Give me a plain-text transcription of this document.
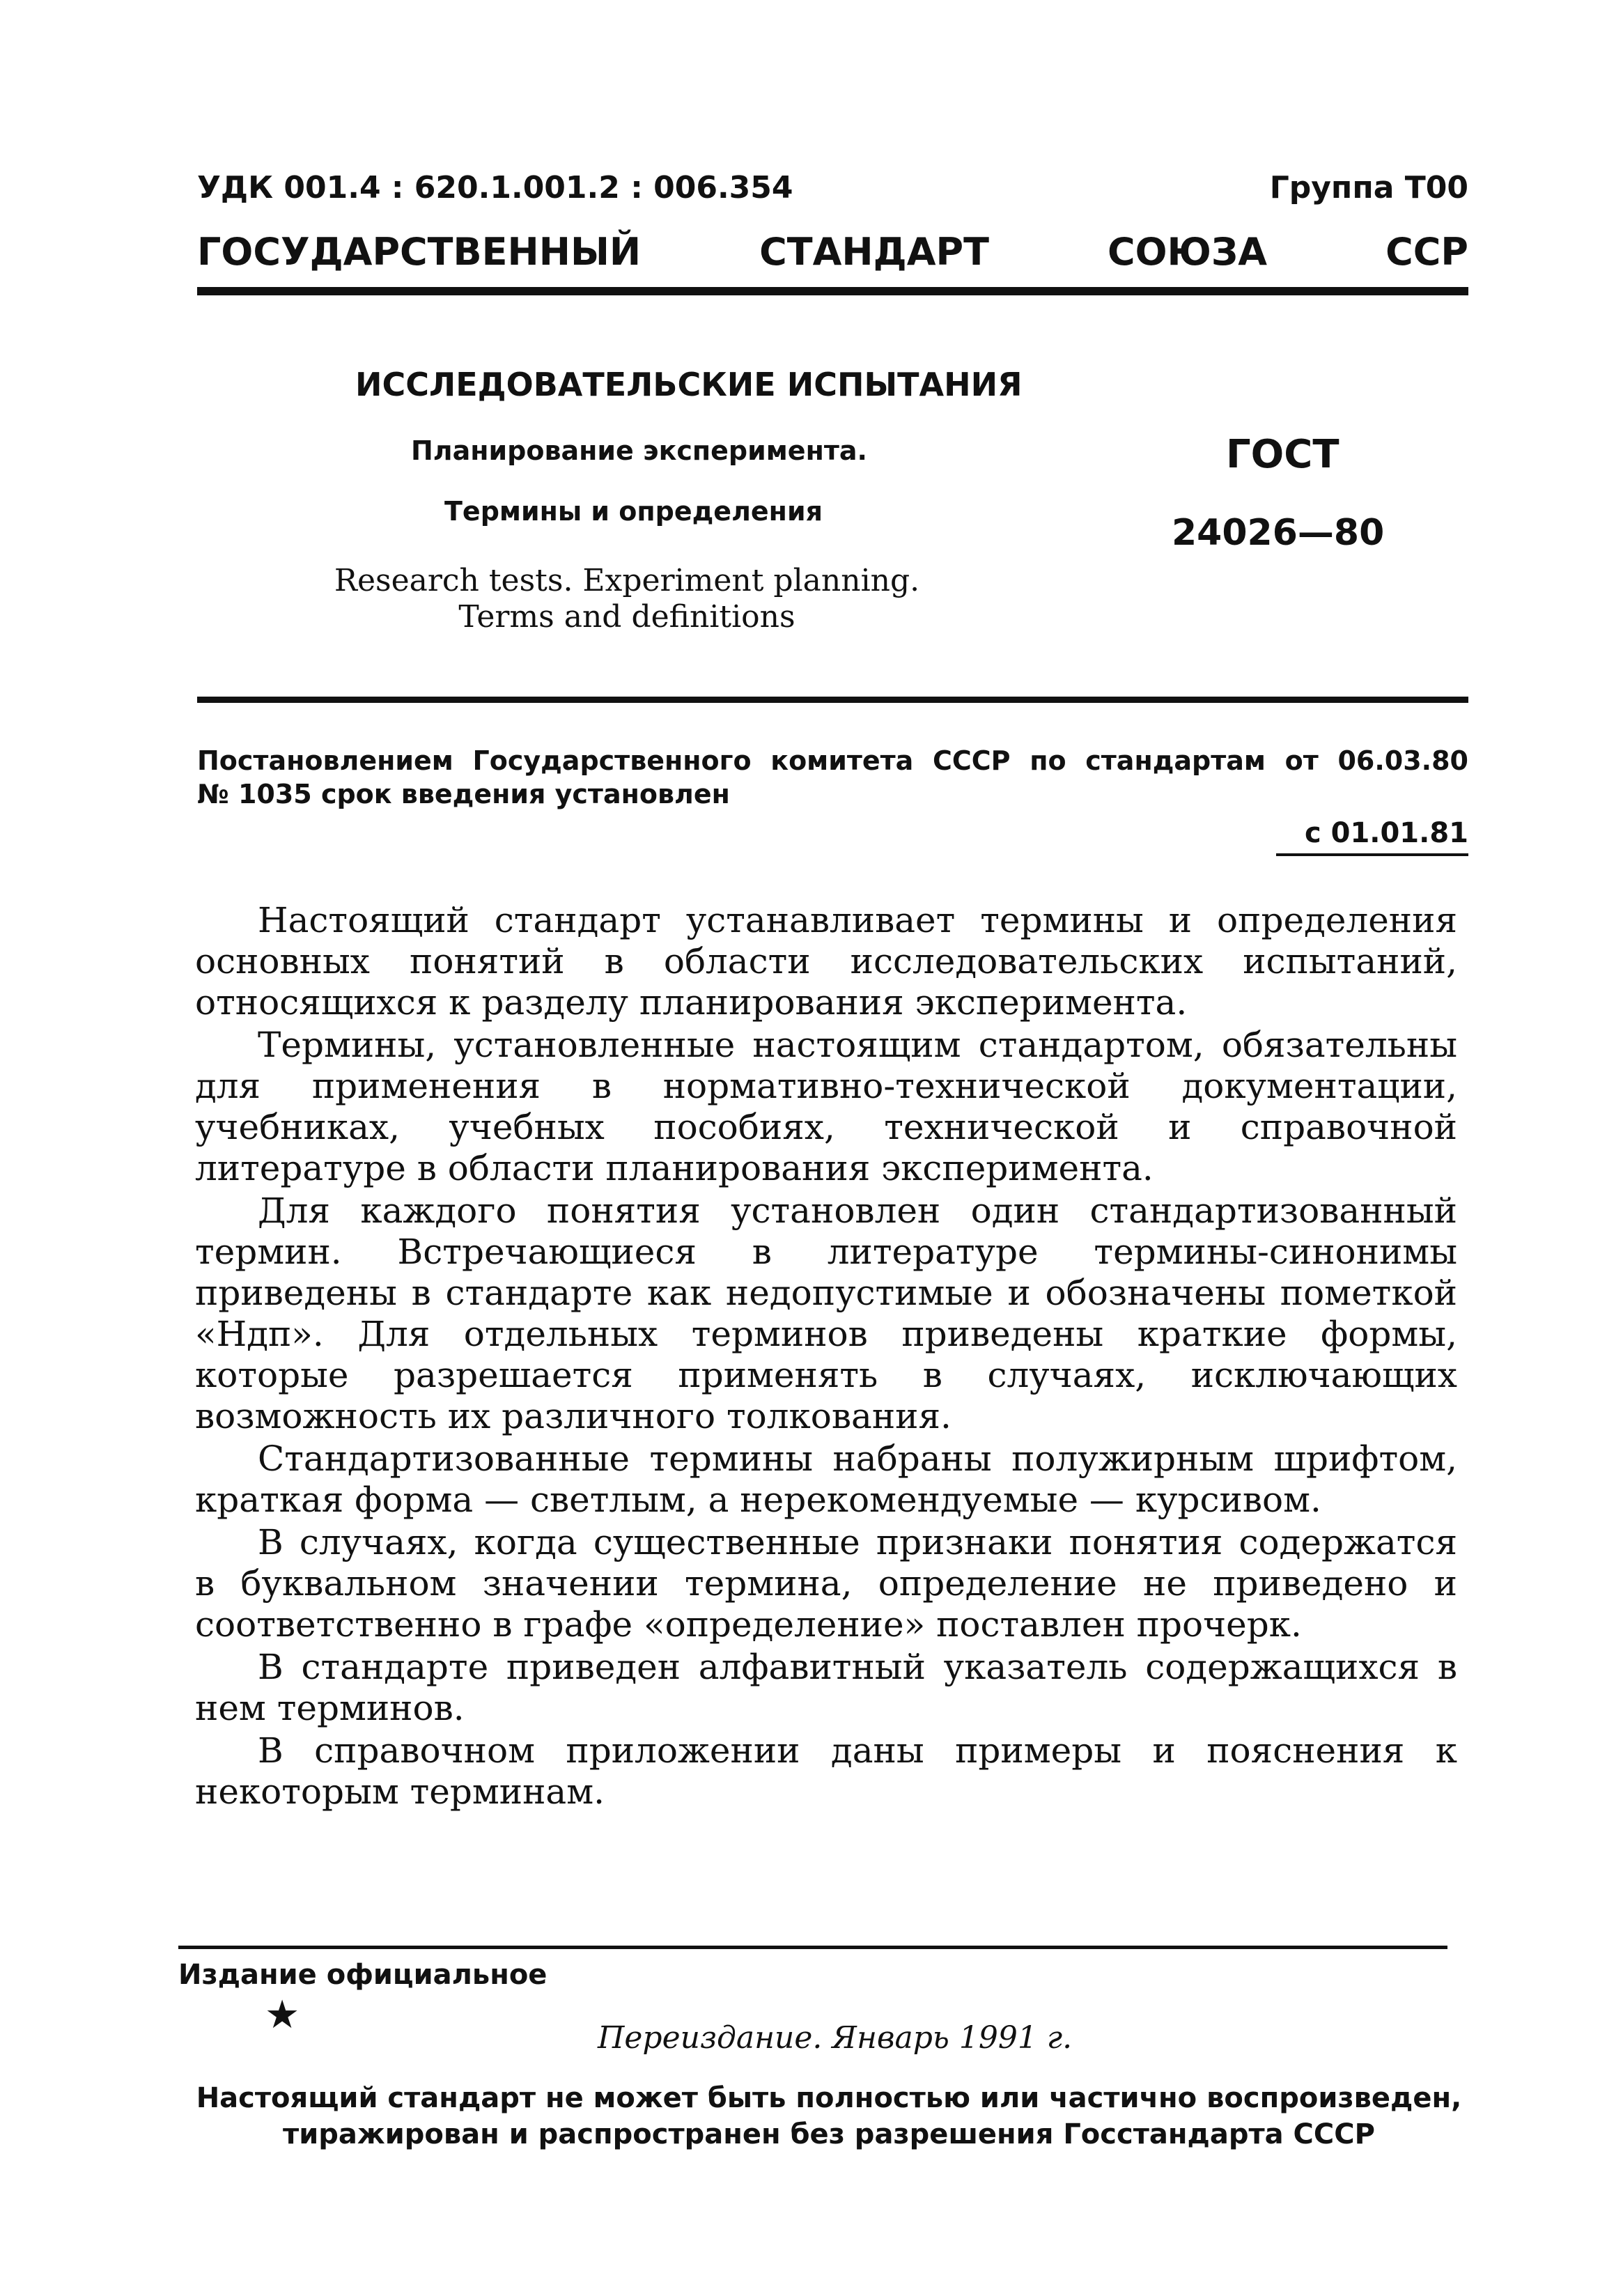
УДК 001.4 : 620.1.001.2 : 006.354	Группа Т00
ГОСУДАРСТВЕННЫЙ	СТАНДАРТ	СОЮЗА	ССР
ИССЛЕДОВАТЕЛЬСКИЕ ИСПЫТАНИЯ
Планирование эксперимента.
Термины и определения
Research tests. Experiment planning.
Terms and definitions
ГОСТ
24026—80
Постановлением Государственного комитета СССР по стандартам от 06.03.80
№ 1035 срок введения установлен
с 01.01.81

Настоящий стандарт устанавливает термины и определения основных понятий в области исследовательских испытаний, относящихся к разделу планирования эксперимента.

Термины, установленные настоящим стандартом, обязательны для применения в нормативно-технической документации, учебниках, учебных пособиях, технической и справочной литературе в области планирования эксперимента.

Для каждого понятия установлен один стандартизованный термин. Встречающиеся в литературе термины-синонимы приведены в стандарте как недопустимые и обозначены пометкой «Ндп». Для отдельных терминов приведены краткие формы, которые разрешается применять в случаях, исключающих возможность их различного толкования.

Стандартизованные термины набраны полужирным шрифтом, краткая форма — светлым, а нерекомендуемые — курсивом.

В случаях, когда существенные признаки понятия содержатся в буквальном значении термина, определение не приведено и соответственно в графе «определение» поставлен прочерк.

В стандарте приведен алфавитный указатель содержащихся в нем терминов.

В справочном приложении даны примеры и пояснения к некоторым терминам.

Издание официальное
★
Переиздание. Январь 1991 г.
Настоящий стандарт не может быть полностью или частично воспроизведен,
тиражирован и распространен без разрешения Госстандарта СССР
